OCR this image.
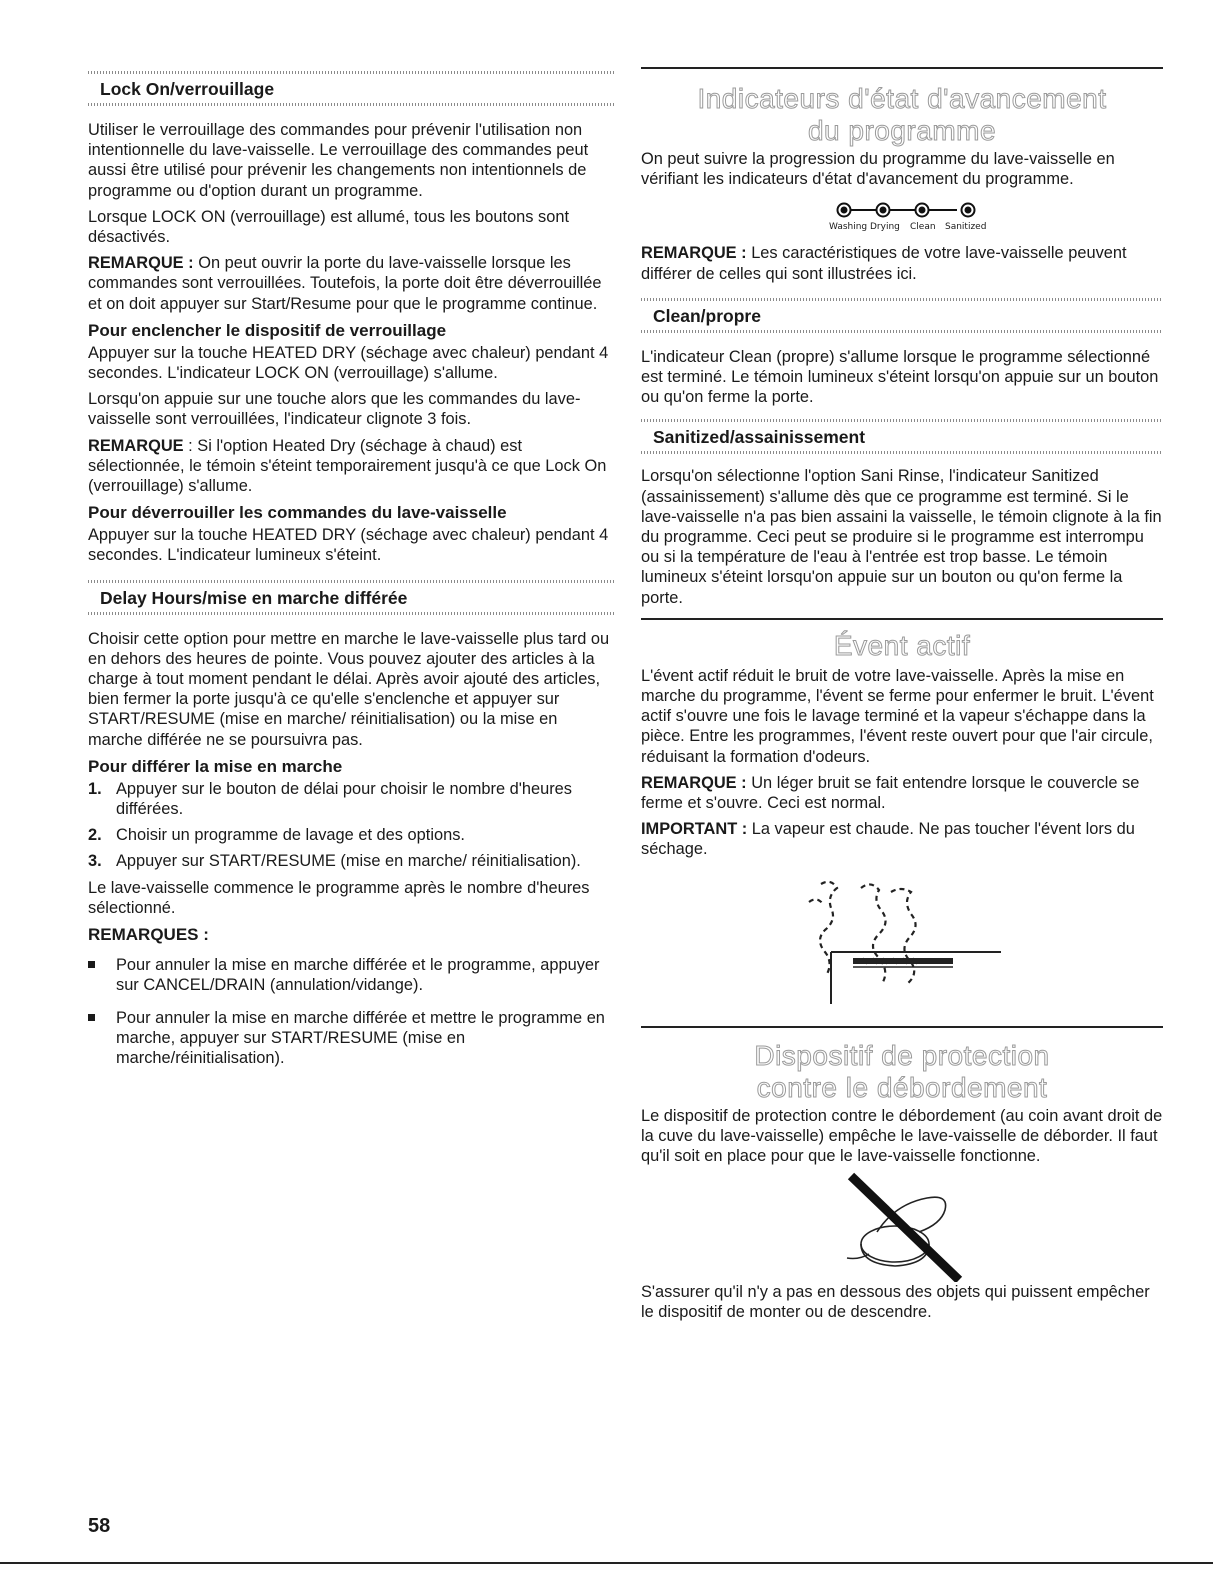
Lock On/verrouillage

Utiliser le verrouillage des commandes pour prévenir l'utilisation non intentionnelle du lave-vaisselle. Le verrouillage des commandes peut aussi être utilisé pour prévenir les changements non intentionnels de programme ou d'option durant un programme.

Lorsque LOCK ON (verrouillage) est allumé, tous les boutons sont désactivés.

REMARQUE : On peut ouvrir la porte du lave-vaisselle lorsque les commandes sont verrouillées. Toutefois, la porte doit être déverrouillée et on doit appuyer sur Start/Resume pour que le programme continue.

Pour enclencher le dispositif de verrouillage

Appuyer sur la touche HEATED DRY (séchage avec chaleur) pendant 4 secondes. L'indicateur LOCK ON (verrouillage) s'allume.

Lorsqu'on appuie sur une touche alors que les commandes du lave-vaisselle sont verrouillées, l'indicateur clignote 3 fois.

REMARQUE : Si l'option Heated Dry (séchage à chaud) est sélectionnée, le témoin s'éteint temporairement jusqu'à ce que Lock On (verrouillage) s'allume.

Pour déverrouiller les commandes du lave-vaisselle

Appuyer sur la touche HEATED DRY (séchage avec chaleur) pendant 4 secondes. L'indicateur lumineux s'éteint.

Delay Hours/mise en marche différée

Choisir cette option pour mettre en marche le lave-vaisselle plus tard ou en dehors des heures de pointe. Vous pouvez ajouter des articles à la charge à tout moment pendant le délai. Après avoir ajouté des articles, bien fermer la porte jusqu'à ce qu'elle s'enclenche et appuyer sur START/RESUME (mise en marche/ réinitialisation) ou la mise en marche différée ne se poursuivra pas.

Pour différer la mise en marche
1. Appuyer sur le bouton de délai pour choisir le nombre d'heures différées.
2. Choisir un programme de lavage et des options.
3. Appuyer sur START/RESUME (mise en marche/ réinitialisation).

Le lave-vaisselle commence le programme après le nombre d'heures sélectionné.

REMARQUES :
Pour annuler la mise en marche différée et le programme, appuyer sur CANCEL/DRAIN (annulation/vidange).
Pour annuler la mise en marche différée et mettre le programme en marche, appuyer sur START/RESUME (mise en marche/réinitialisation).
Indicateurs d'état d'avancement
du programme

On peut suivre la progression du programme du lave-vaisselle en vérifiant les indicateurs d'état d'avancement du programme.

Washing Drying Clean Sanitized

REMARQUE : Les caractéristiques de votre lave-vaisselle peuvent différer de celles qui sont illustrées ici.

Clean/propre

L'indicateur Clean (propre) s'allume lorsque le programme sélectionné est terminé. Le témoin lumineux s'éteint lorsqu'on appuie sur un bouton ou qu'on ferme la porte.

Sanitized/assainissement

Lorsqu'on sélectionne l'option Sani Rinse, l'indicateur Sanitized (assainissement) s'allume dès que ce programme est terminé. Si le lave-vaisselle n'a pas bien assaini la vaisselle, le témoin clignote à la fin du programme. Ceci peut se produire si le programme est interrompu ou si la température de l'eau à l'entrée est trop basse. Le témoin lumineux s'éteint lorsqu'on appuie sur un bouton ou qu'on ferme la porte.

Évent actif

L'évent actif réduit le bruit de votre lave-vaisselle. Après la mise en marche du programme, l'évent se ferme pour enfermer le bruit. L'évent actif s'ouvre une fois le lavage terminé et la vapeur s'échappe dans la pièce. Entre les programmes, l'évent reste ouvert pour que l'air circule, réduisant la formation d'odeurs.

REMARQUE : Un léger bruit se fait entendre lorsque le couvercle se ferme et s'ouvre. Ceci est normal.

IMPORTANT : La vapeur est chaude. Ne pas toucher l'évent lors du séchage.

Dispositif de protection
contre le débordement

Le dispositif de protection contre le débordement (au coin avant droit de la cuve du lave-vaisselle) empêche le lave-vaisselle de déborder. Il faut qu'il soit en place pour que le lave-vaisselle fonctionne.

S'assurer qu'il n'y a pas en dessous des objets qui puissent empêcher le dispositif de monter ou de descendre.

58
